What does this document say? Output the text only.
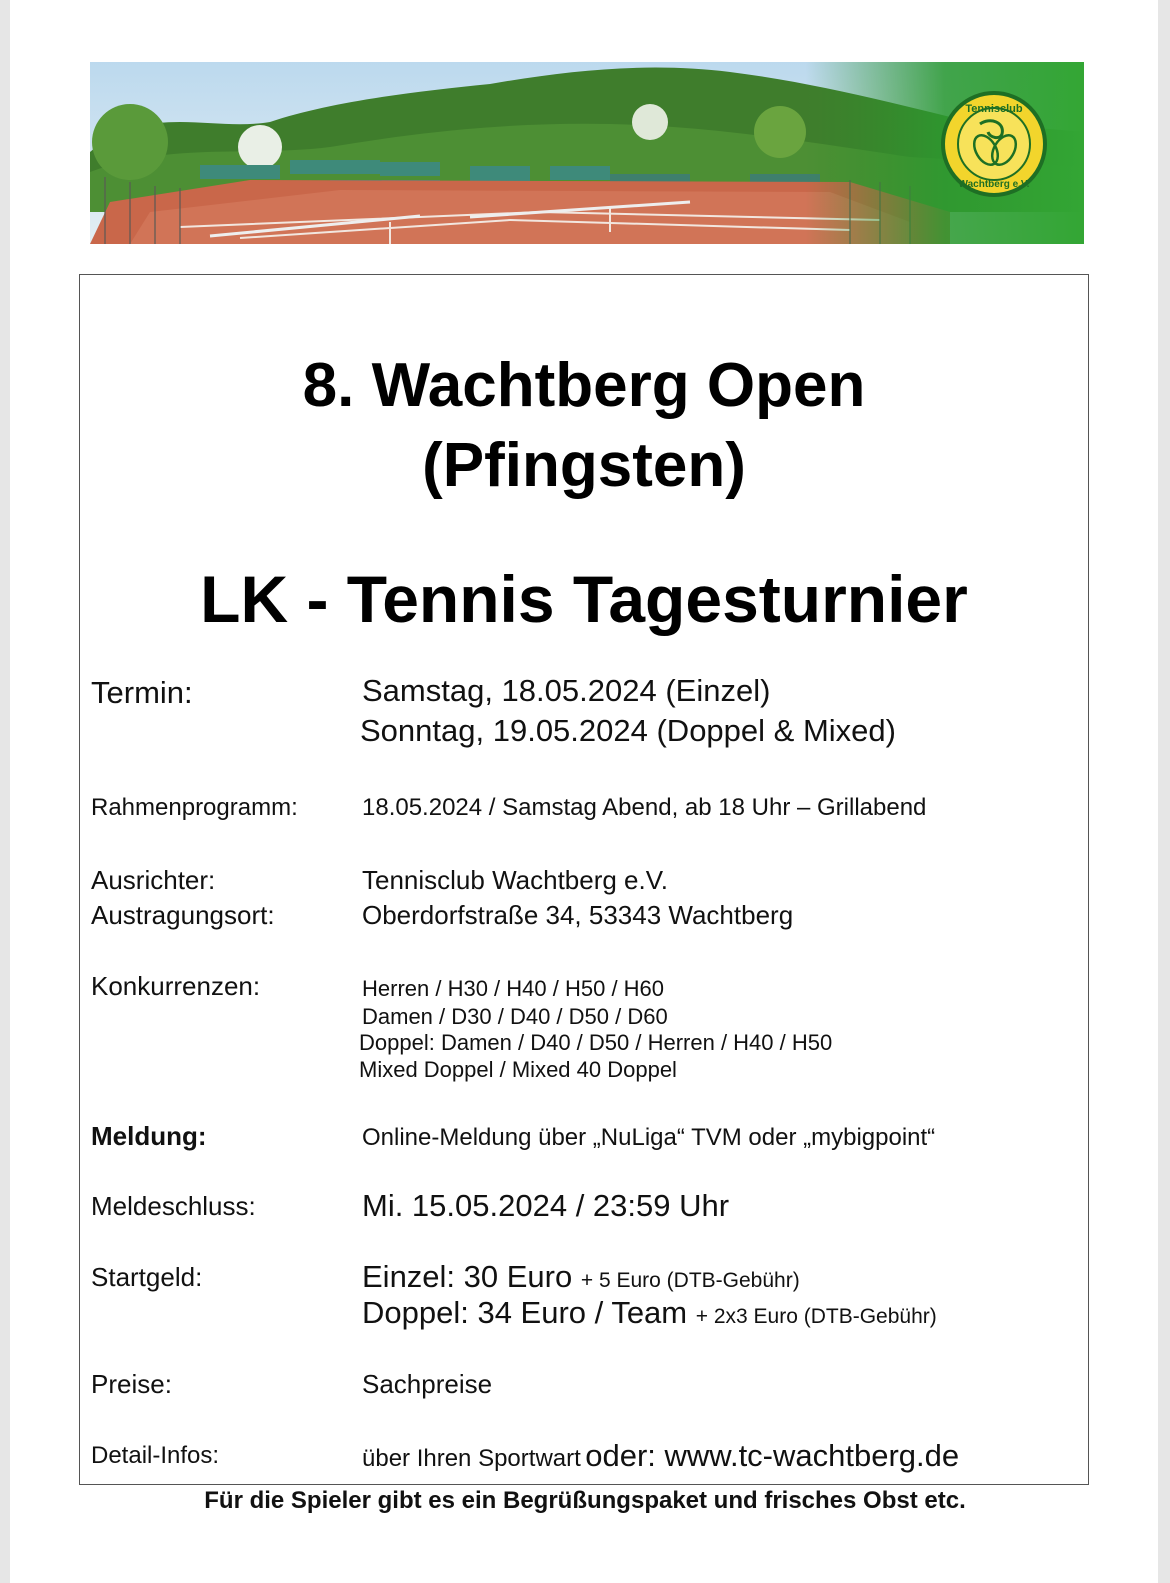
Tennisclub
Wachtberg e.V.
8. Wachtberg Open
(Pfingsten)
LK - Tennis Tagesturnier

Termin:	Samstag, 18.05.2024 (Einzel)

Sonntag, 19.05.2024 (Doppel & Mixed)

Rahmenprogramm:	18.05.2024 / Samstag Abend, ab 18 Uhr – Grillabend

Ausrichter:	Tennisclub Wachtberg e.V.

Austragungsort:	Oberdorfstraße 34, 53343 Wachtberg

Konkurrenzen:	Herren / H30 / H40 / H50 / H60

Damen / D30 / D40 / D50 / D60

Doppel: Damen / D40 / D50 / Herren / H40 / H50

Mixed Doppel / Mixed 40 Doppel

Meldung:	Online-Meldung über „NuLiga“ TVM oder „mybigpoint“

Meldeschluss:	Mi. 15.05.2024 / 23:59 Uhr

Startgeld:	Einzel: 30 Euro + 5 Euro (DTB-Gebühr)

Doppel: 34 Euro / Team + 2x3 Euro (DTB-Gebühr)

Preise:	Sachpreise

Detail-Infos:	über Ihren Sportwart oder: www.tc-wachtberg.de

Für die Spieler gibt es ein Begrüßungspaket und frisches Obst etc.
